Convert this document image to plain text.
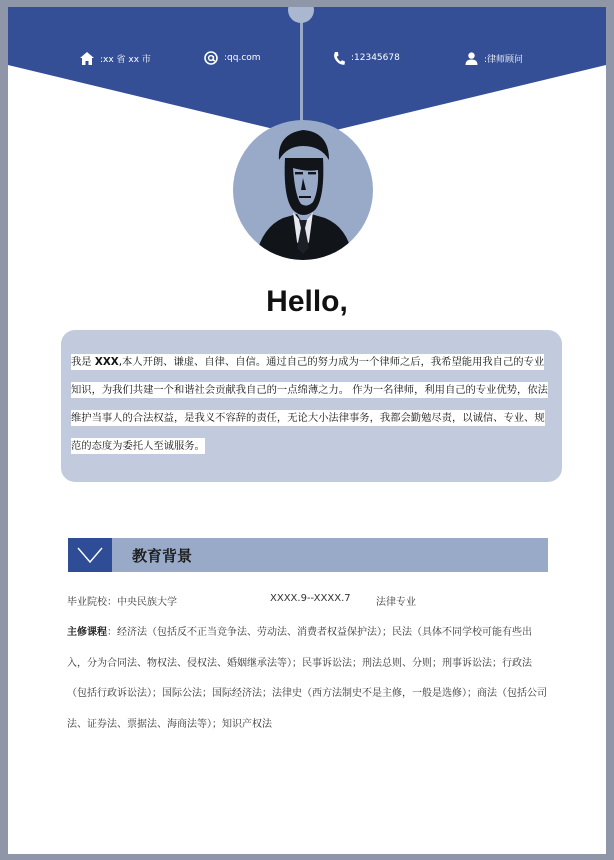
:xx 省 xx 市	:qq.com	:12345678	:律师顾问
Hello,
我是 XXX,本人开朗、谦虚、自律、自信。通过自己的努力成为一个律师之后，我希望能用我自己的专业知识，为我们共建一个和谐社会贡献我自己的一点绵薄之力。 作为一名律师，利用自己的专业优势，依法维护当事人的合法权益，是我义不容辞的责任，无论大小法律事务，我都会勤勉尽责，以诚信、专业、规范的态度为委托人至诚服务。
教育背景
毕业院校：中央民族大学	XXXX.9--XXXX.7	法律专业
主修课程：经济法（包括反不正当竞争法、劳动法、消费者权益保护法）；民法（具体不同学校可能有些出入，分为合同法、物权法、侵权法、婚姻继承法等）；民事诉讼法；刑法总则、分则；刑事诉讼法；行政法（包括行政诉讼法）；国际公法；国际经济法；法律史（西方法制史不是主修，一般是选修）；商法（包括公司法、证券法、票据法、海商法等）；知识产权法
